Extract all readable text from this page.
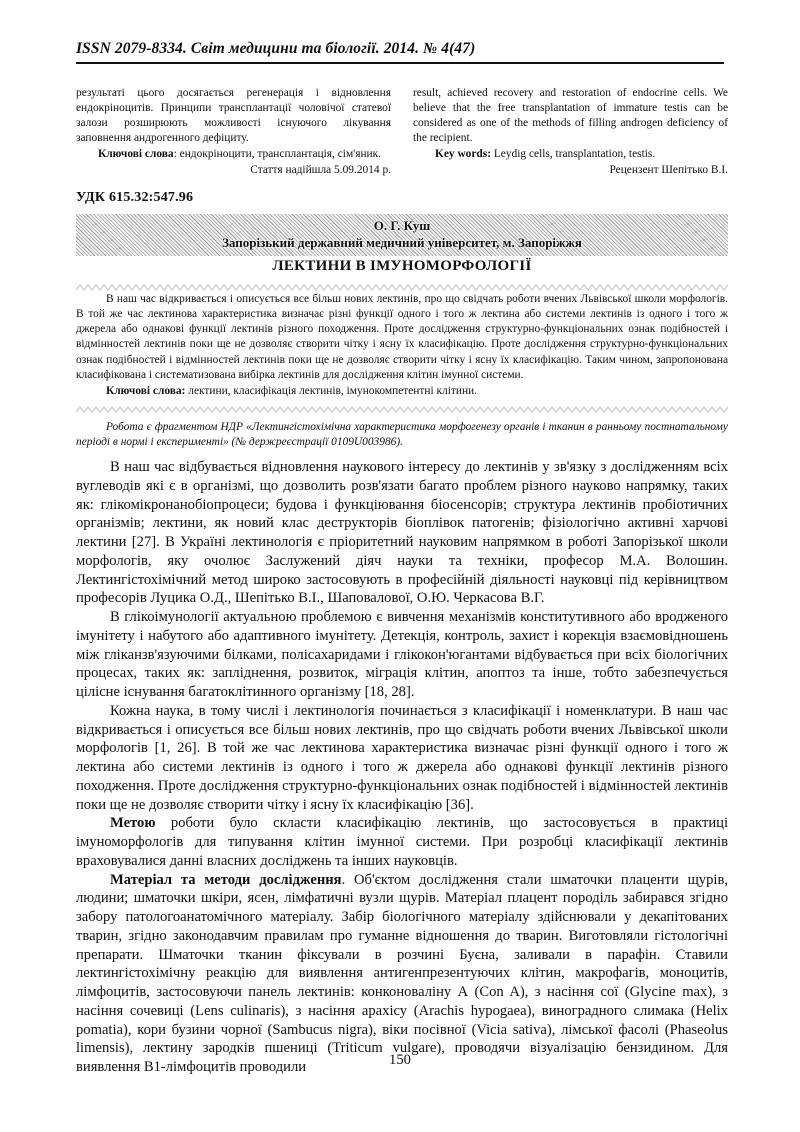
ISSN 2079-8334. Світ медицини та біології. 2014. № 4(47)

результаті цього досягається регенерація і відновлення ендокріноцитів. Принципи трансплантації чоловічої статевої залози розширюють можливості існуючого лікування заповнення андрогенного дефіциту.

Ключові слова: ендокріноцити, трансплантація, сім'яник.

Стаття надійшла 5.09.2014 р.

result, achieved recovery and restoration of endocrine cells. We believe that the free transplantation of immature testis can be considered as one of the methods of filling androgen deficiency of the recipient.

Key words: Leydig cells, transplantation, testis.

Рецензент Шепітько В.І.

УДК 615.32:547.96
О. Г. Куш
Запорізький державний медичний університет, м. Запоріжжя
ЛЕКТИНИ В ІМУНОМОРФОЛОГІЇ

В наш час відкривається і описується все більш нових лектинів, про що свідчать роботи вчених Львівської школи морфологів. В той же час лектинова характеристика визначає різні функції одного і того ж лектина або системи лектинів із одного і того ж джерела або однакові функції лектинів різного походження. Проте дослідження структурно-функціональних ознак подібностей і відмінностей лектинів поки ще не дозволяє створити чітку і ясну їх класифікацію. Проте дослідження структурно-функціональних ознак подібностей і відмінностей лектинів поки ще не дозволяє створити чітку і ясну їх класифікацію. Таким чином, запропонована класифікована і систематизована вибірка лектинів для дослідження клітин імунної системи.

Ключові слова: лектини, класифікація лектинів, імунокомпетентні клітини.

Робота є фрагментом НДР «Лектингістохімічна характеристика морфогенезу органів і тканин в ранньому постнатальному періоді в нормі і експерименті» (№ держреєстрації 0109U003986).

В наш час відбувається відновлення наукового інтересу до лектинів у зв'язку з дослідженням всіх вуглеводів які є в організмі, що дозволить розв'язати багато проблем різного науково напрямку, таких як: глікомікронанобіопроцеси; будова і функціювання біосенсорів; структура лектинів пробіотичних організмів; лектини, як новий клас деструкторів біоплівок патогенів; фізіологічно активні харчові лектини [27]. В Україні лектинологія є пріоритетний науковим напрямком в роботі Запорізької школи морфологів, яку очолює Заслужений діяч науки та техніки, професор М.А. Волошин. Лектингістохімічний метод широко застосовують в професійній діяльності науковці під керівництвом професорів Луцика О.Д., Шепітько В.І., Шаповалової, О.Ю. Черкасова В.Г.

В глікоімунології актуальною проблемою є вивчення механізмів конститутивного або вродженого імунітету і набутого або адаптивного імунітету. Детекція, контроль, захист і корекція взаємовідношень між гліканзв'язуючими білками, полісахаридами і глікокон'югантами відбувається при всіх біологічних процесах, таких як: запліднення, розвиток, міграція клітин, апоптоз та інше, тобто забезпечується цілісне існування багатоклітинного організму [18, 28].

Кожна наука, в тому числі і лектинологія починається з класифікації і номенклатури. В наш час відкривається і описується все більш нових лектинів, про що свідчать роботи вчених Львівської школи морфологів [1, 26]. В той же час лектинова характеристика визначає різні функції одного і того ж лектина або системи лектинів із одного і того ж джерела або однакові функції лектинів різного походження. Проте дослідження структурно-функціональних ознак подібностей і відмінностей лектинів поки ще не дозволяє створити чітку і ясну їх класифікацію [36].

Метою роботи було скласти класифікацію лектинів, що застосовується в практиці імуноморфологів для типування клітин імунної системи. При розробці класифікації лектинів враховувалися данні власних досліджень та інших науковців.

Матеріал та методи дослідження. Об'єктом дослідження стали шматочки плаценти щурів, людини; шматочки шкіри, ясен, лімфатичні вузли щурів. Матеріал плацент породіль забирався згідно забору патологоанатомічного матеріалу. Забір біологічного матеріалу здійснювали у декапітованих тварин, згідно законодавчим правилам про гуманне відношення до тварин. Виготовляли гістологічні препарати. Шматочки тканин фіксували в розчині Буєна, заливали в парафін. Ставили лектингістохімічну реакцію для виявлення антигенпрезентуючих клітин, макрофагів, моноцитів, лімфоцитів, застосовуючи панель лектинів: конконоваліну А (Con A), з насіння сої (Glycine max), з насіння сочевиці (Lens culinaris), з насіння арахісу (Arachis hypogaea), виноградного слимака (Helix pomatia), кори бузини чорної (Sambucus nigra), віки посівної (Vicia sativa), лімської фасолі (Phaseolus limensis), лектину зародків пшениці (Triticum vulgare), проводячи візуалізацію бензидином. Для виявлення В1-лімфоцитів проводили	150
